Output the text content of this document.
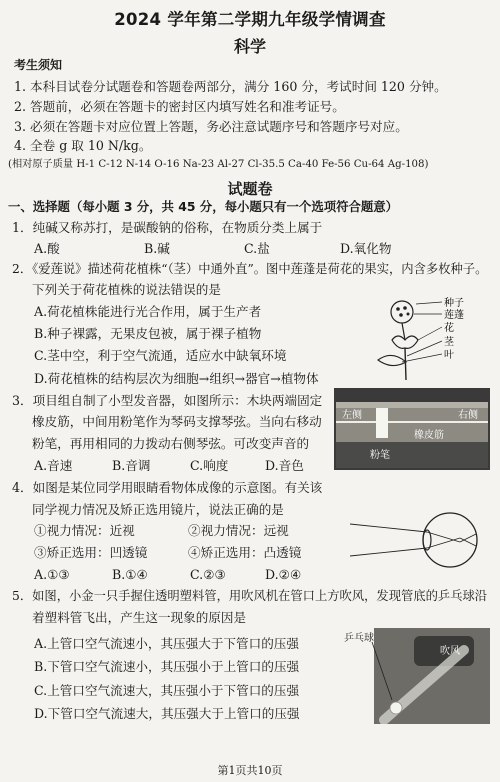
2024 学年第二学期九年级学情调查
科学
考生须知
1. 本科目试卷分试题卷和答题卷两部分，满分 160 分，考试时间 120 分钟。
2. 答题前，必须在答题卡的密封区内填写姓名和准考证号。
3. 必须在答题卡对应位置上答题，务必注意试题序号和答题序号对应。
4. 全卷 g 取 10 N/kg。
(相对原子质量 H-1 C-12 N-14 O-16 Na-23 Al-27 Cl-35.5 Ca-40 Fe-56 Cu-64 Ag-108)
试题卷
一、选择题（每小题 3 分，共 45 分，每小题只有一个选项符合题意）
1．纯碱又称苏打，是碳酸钠的俗称，在物质分类上属于
A.酸	B.碱	C.盐	D.氧化物
2．《爱莲说》描述荷花植株“（茎）中通外直”。图中莲蓬是荷花的果实，内含多枚种子。
下列关于荷花植株的说法错误的是
A.荷花植株能进行光合作用，属于生产者
B.种子裸露，无果皮包被，属于裸子植物
C.茎中空，利于空气流通，适应水中缺氧环境
D.荷花植株的结构层次为细胞→组织→器官→植物体
种子
莲蓬
花
茎
叶
3．项目组自制了小型发音器，如图所示：木块两端固定
橡皮筋，中间用粉笔作为琴码支撑琴弦。当向右移动
粉笔，再用相同的力拨动右侧琴弦。可改变声音的
A.音速	B.音调	C.响度	D.音色
左侧	右侧
橡皮筋
粉笔
4．如图是某位同学用眼睛看物体成像的示意图。有关该
同学视力情况及矫正选用镜片，说法正确的是
①视力情况：近视	②视力情况：远视
③矫正选用：凹透镜	④矫正选用：凸透镜
A.①③	B.①④	C.②③	D.②④
5．如图，小金一只手握住透明塑料管，用吹风机在管口上方吹风，发现管底的乒乓球沿
着塑料管飞出，产生这一现象的原因是
A.上管口空气流速小，其压强大于下管口的压强
B.下管口空气流速小，其压强小于上管口的压强
C.上管口空气流速大，其压强小于下管口的压强
D.下管口空气流速大，其压强大于上管口的压强
乒乓球
吹风
第1页共10页
